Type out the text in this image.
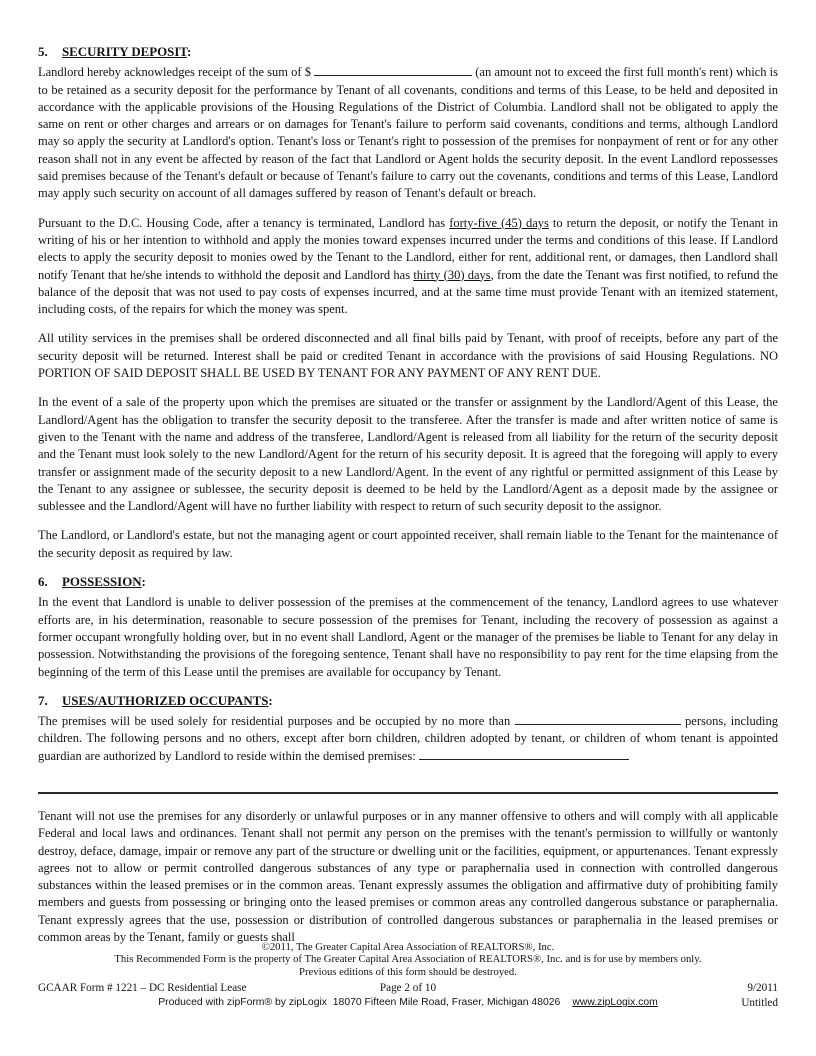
5. SECURITY DEPOSIT:

Landlord hereby acknowledges receipt of the sum of $	(an amount not to exceed the first full month's rent) which is to be retained as a security deposit for the performance by Tenant of all covenants, conditions and terms of this Lease, to be held and deposited in accordance with the applicable provisions of the Housing Regulations of the District of Columbia. Landlord shall not be obligated to apply the same on rent or other charges and arrears or on damages for Tenant's failure to perform said covenants, conditions and terms, although Landlord may so apply the security at Landlord's option. Tenant's loss or Tenant's right to possession of the premises for nonpayment of rent or for any other reason shall not in any event be affected by reason of the fact that Landlord or Agent holds the security deposit. In the event Landlord repossesses said premises because of the Tenant's default or because of Tenant's failure to carry out the covenants, conditions and terms of this Lease, Landlord may apply such security on account of all damages suffered by reason of Tenant's default or breach.

Pursuant to the D.C. Housing Code, after a tenancy is terminated, Landlord has forty-five (45) days to return the deposit, or notify the Tenant in writing of his or her intention to withhold and apply the monies toward expenses incurred under the terms and conditions of this lease. If Landlord elects to apply the security deposit to monies owed by the Tenant to the Landlord, either for rent, additional rent, or damages, then Landlord shall notify Tenant that he/she intends to withhold the deposit and Landlord has thirty (30) days, from the date the Tenant was first notified, to refund the balance of the deposit that was not used to pay costs of expenses incurred, and at the same time must provide Tenant with an itemized statement, including costs, of the repairs for which the money was spent.

All utility services in the premises shall be ordered disconnected and all final bills paid by Tenant, with proof of receipts, before any part of the security deposit will be returned. Interest shall be paid or credited Tenant in accordance with the provisions of said Housing Regulations. NO PORTION OF SAID DEPOSIT SHALL BE USED BY TENANT FOR ANY PAYMENT OF ANY RENT DUE.

In the event of a sale of the property upon which the premises are situated or the transfer or assignment by the Landlord/Agent of this Lease, the Landlord/Agent has the obligation to transfer the security deposit to the transferee. After the transfer is made and after written notice of same is given to the Tenant with the name and address of the transferee, Landlord/Agent is released from all liability for the return of the security deposit and the Tenant must look solely to the new Landlord/Agent for the return of his security deposit. It is agreed that the foregoing will apply to every transfer or assignment made of the security deposit to a new Landlord/Agent. In the event of any rightful or permitted assignment of this Lease by the Tenant to any assignee or sublessee, the security deposit is deemed to be held by the Landlord/Agent as a deposit made by the assignee or sublessee and the Landlord/Agent will have no further liability with respect to return of such security deposit to the assignor.

The Landlord, or Landlord's estate, but not the managing agent or court appointed receiver, shall remain liable to the Tenant for the maintenance of the security deposit as required by law.

6. POSSESSION:

In the event that Landlord is unable to deliver possession of the premises at the commencement of the tenancy, Landlord agrees to use whatever efforts are, in his determination, reasonable to secure possession of the premises for Tenant, including the recovery of possession as against a former occupant wrongfully holding over, but in no event shall Landlord, Agent or the manager of the premises be liable to Tenant for any delay in possession. Notwithstanding the provisions of the foregoing sentence, Tenant shall have no responsibility to pay rent for the time elapsing from the beginning of the term of this Lease until the premises are available for occupancy by Tenant.

7. USES/AUTHORIZED OCCUPANTS:

The premises will be used solely for residential purposes and be occupied by no more than	persons, including children. The following persons and no others, except after born children, children adopted by tenant, or children of whom tenant is appointed guardian are authorized by Landlord to reside within the demised premises:

Tenant will not use the premises for any disorderly or unlawful purposes or in any manner offensive to others and will comply with all applicable Federal and local laws and ordinances. Tenant shall not permit any person on the premises with the tenant's permission to willfully or wantonly destroy, deface, damage, impair or remove any part of the structure or dwelling unit or the facilities, equipment, or appurtenances. Tenant expressly agrees not to allow or permit controlled dangerous substances of any type or paraphernalia used in connection with controlled dangerous substances within the leased premises or in the common areas. Tenant expressly assumes the obligation and affirmative duty of prohibiting family members and guests from possessing or bringing onto the leased premises or common areas any controlled dangerous substance or paraphernalia. Tenant expressly agrees that the use, possession or distribution of controlled dangerous substances or paraphernalia in the leased premises or common areas by the Tenant, family or guests shall

©2011, The Greater Capital Area Association of REALTORS®, Inc.
This Recommended Form is the property of The Greater Capital Area Association of REALTORS®, Inc. and is for use by members only.
Previous editions of this form should be destroyed.
GCAAR Form # 1221 – DC Residential Lease	Page 2 of 10	9/2011
Produced with zipForm® by zipLogix  18070 Fifteen Mile Road, Fraser, Michigan 48026 www.zipLogix.com	Untitled
